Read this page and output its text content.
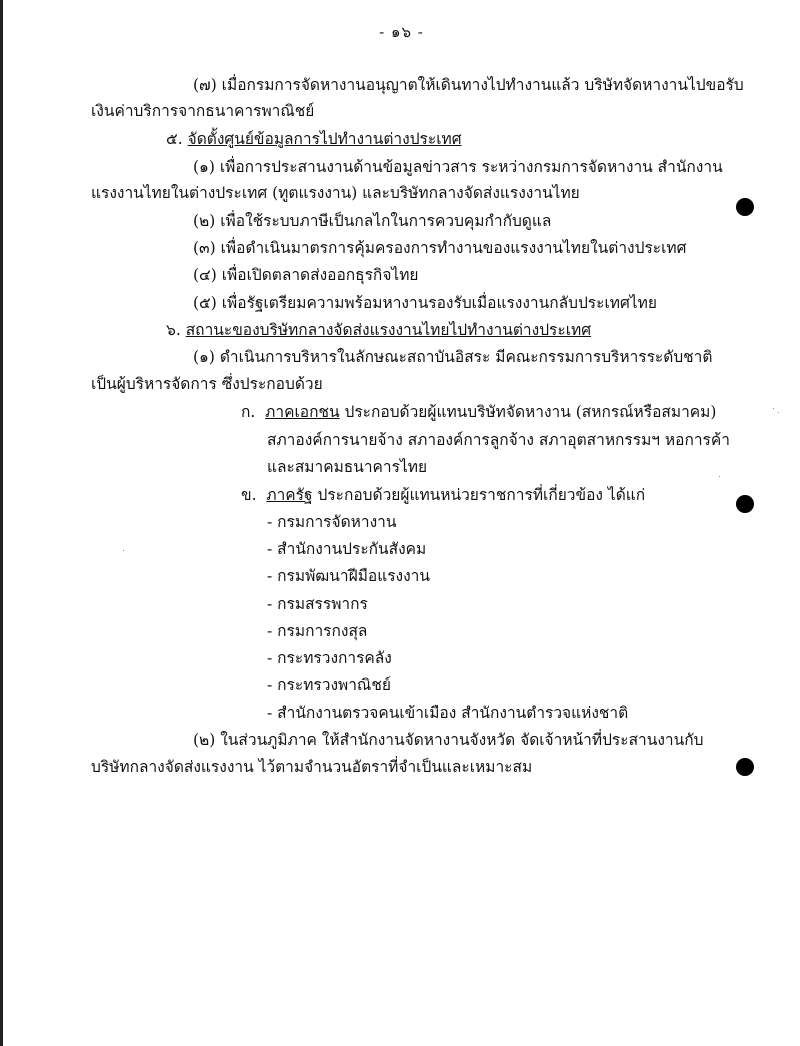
- ๑๖ -
(๗) เมื่อกรมการจัดหางานอนุญาตให้เดินทางไปทำงานแล้ว บริษัทจัดหางานไปขอรับ
เงินค่าบริการจากธนาคารพาณิชย์
๕. จัดตั้งศูนย์ข้อมูลการไปทำงานต่างประเทศ
(๑) เพื่อการประสานงานด้านข้อมูลข่าวสาร ระหว่างกรมการจัดหางาน สำนักงาน
แรงงานไทยในต่างประเทศ (ทูตแรงงาน) และบริษัทกลางจัดส่งแรงงานไทย
(๒) เพื่อใช้ระบบภาษีเป็นกลไกในการควบคุมกำกับดูแล
(๓) เพื่อดำเนินมาตรการคุ้มครองการทำงานของแรงงานไทยในต่างประเทศ
(๔) เพื่อเปิดตลาดส่งออกธุรกิจไทย
(๕) เพื่อรัฐเตรียมความพร้อมหางานรองรับเมื่อแรงงานกลับประเทศไทย
๖. สถานะของบริษัทกลางจัดส่งแรงงานไทยไปทำงานต่างประเทศ
(๑) ดำเนินการบริหารในลักษณะสถาบันอิสระ มีคณะกรรมการบริหารระดับชาติ
เป็นผู้บริหารจัดการ ซึ่งประกอบด้วย
ก. ภาคเอกชน ประกอบด้วยผู้แทนบริษัทจัดหางาน (สหกรณ์หรือสมาคม)
สภาองค์การนายจ้าง สภาองค์การลูกจ้าง สภาอุตสาหกรรมฯ หอการค้า
และสมาคมธนาคารไทย
ข. ภาครัฐ ประกอบด้วยผู้แทนหน่วยราชการที่เกี่ยวข้อง ได้แก่
- กรมการจัดหางาน
- สำนักงานประกันสังคม
- กรมพัฒนาฝีมือแรงงาน
- กรมสรรพากร
- กรมการกงสุล
- กระทรวงการคลัง
- กระทรวงพาณิชย์
- สำนักงานตรวจคนเข้าเมือง สำนักงานตำรวจแห่งชาติ
(๒) ในส่วนภูมิภาค ให้สำนักงานจัดหางานจังหวัด จัดเจ้าหน้าที่ประสานงานกับ
บริษัทกลางจัดส่งแรงงาน ไว้ตามจำนวนอัตราที่จำเป็นและเหมาะสม
